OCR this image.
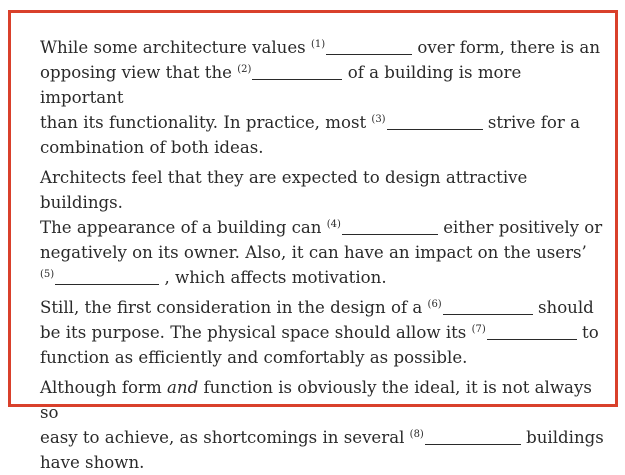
While some architecture values $^{(1)}$	over form, there is an
opposing view that the $^{(2)}$	of a building is more important
than its functionality. In practice, most $^{(3)}$	strive for a
combination of both ideas.
Architects feel that they are expected to design attractive buildings.
The appearance of a building can $^{(4)}$	either positively or
negatively on its owner. Also, it can have an impact on the users’
$^{(5)}$	, which affects motivation.
Still, the first consideration in the design of a $^{(6)}$	should
be its purpose. The physical space should allow its $^{(7)}$	to
function as efficiently and comfortably as possible.
Although form and function is obviously the ideal, it is not always so
easy to achieve, as shortcomings in several $^{(8)}$	buildings
have shown.
